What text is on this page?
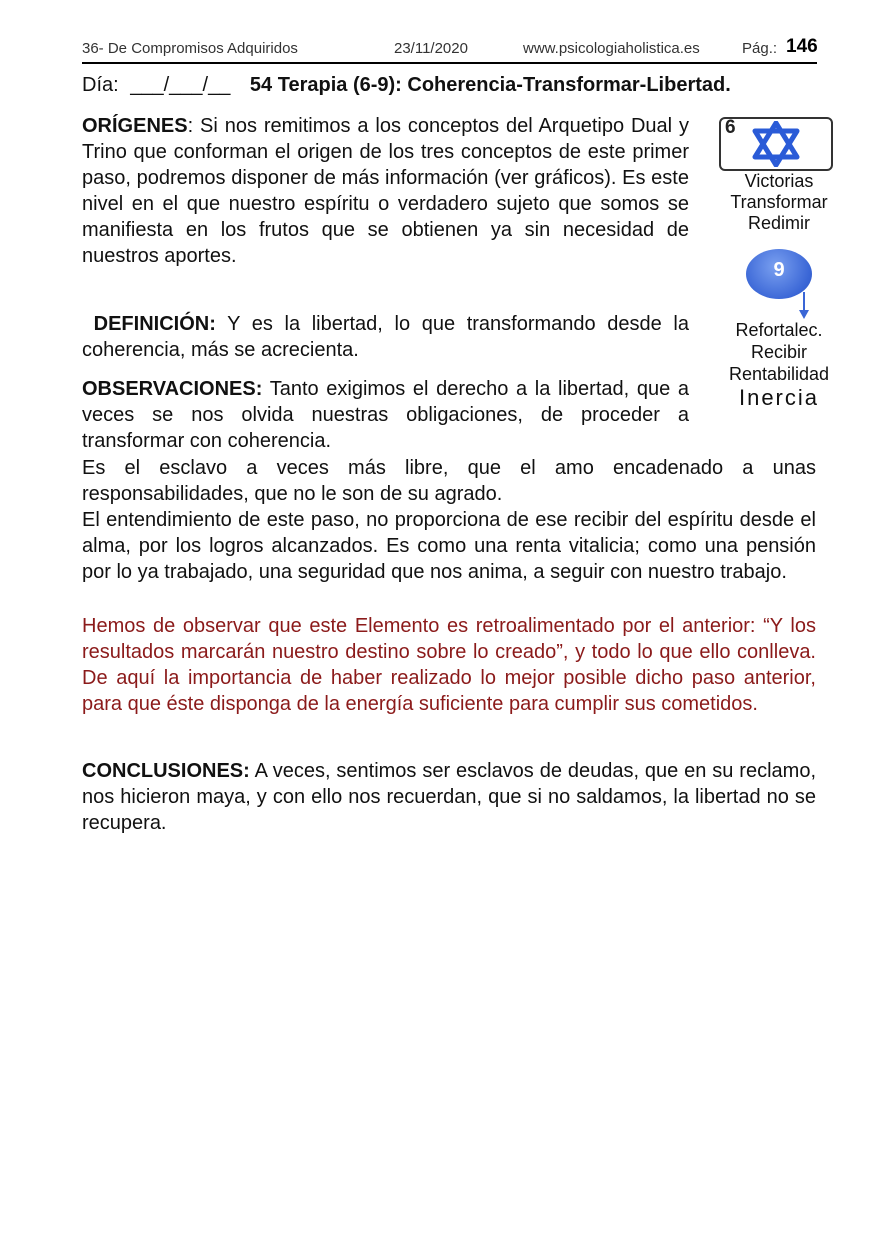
36- De Compromisos Adquiridos	23/11/2020	www.psicologiaholistica.es	Pág.: 146
Día: ___/___/__ 54 Terapia (6-9): Coherencia-Transformar-Libertad.

ORÍGENES: Si nos remitimos a los conceptos del Arquetipo Dual y Trino que conforman el origen de los tres conceptos de este primer paso, podremos disponer de más información (ver gráficos). Es este nivel en el que nuestro espíritu o verdadero sujeto que somos se manifiesta en los frutos que se obtienen ya sin necesidad de nuestros aportes.

DEFINICIÓN: Y es la libertad, lo que transformando desde la coherencia, más se acrecienta.

OBSERVACIONES: Tanto exigimos el derecho a la libertad, que a veces se nos olvida nuestras obligaciones, de proceder a transformar con coherencia.

Es el esclavo a veces más libre, que el amo encadenado a unas responsabilidades, que no le son de su agrado.

El entendimiento de este paso, no proporciona de ese recibir del espíritu desde el alma, por los logros alcanzados. Es como una renta vitalicia; como una pensión por lo ya trabajado, una seguridad que nos anima, a seguir con nuestro trabajo.

Hemos de observar que este Elemento es retroalimentado por el anterior: “Y los resultados marcarán nuestro destino sobre lo creado”, y todo lo que ello conlleva. De aquí la importancia de haber realizado lo mejor posible dicho paso anterior, para que éste disponga de la energía suficiente para cumplir sus cometidos.

CONCLUSIONES: A veces, sentimos ser esclavos de deudas, que en su reclamo, nos hicieron maya, y con ello nos recuerdan, que si no saldamos, la libertad no se recupera.

6
Victorias
Transformar
Redimir
9
Refortalec.
Recibir
Rentabilidad
Inercia
